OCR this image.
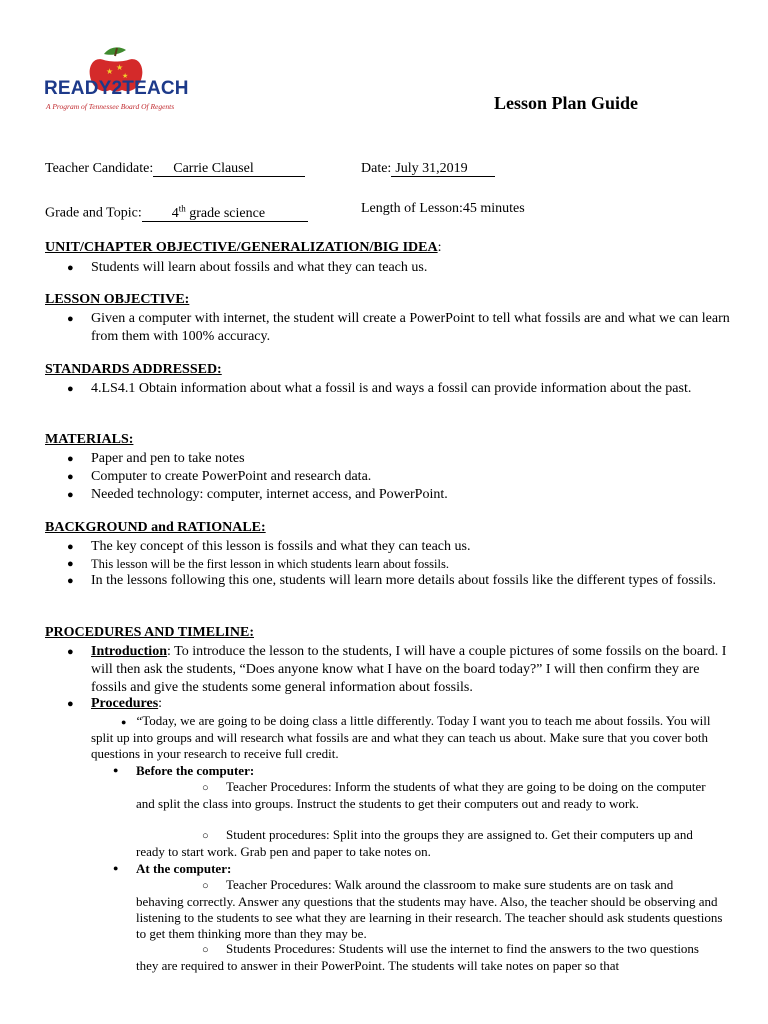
★ ★
★
READY2TEACH
A Program of Tennessee Board Of Regents	Lesson Plan Guide
Teacher Candidate: Carrie Clausel	Date: July 31,2019
Grade and Topic: 4th grade science	Length of Lesson:45 minutes
UNIT/CHAPTER OBJECTIVE/GENERALIZATION/BIG IDEA:
● Students will learn about fossils and what they can teach us.
LESSON OBJECTIVE:
● Given a computer with internet, the student will create a PowerPoint to tell what fossils are and what we can learn from them with 100% accuracy.
STANDARDS ADDRESSED:
● 4.LS4.1 Obtain information about what a fossil is and ways a fossil can provide information about the past.
MATERIALS:
● Paper and pen to take notes
● Computer to create PowerPoint and research data.
● Needed technology: computer, internet access, and PowerPoint.
BACKGROUND and RATIONALE:
● The key concept of this lesson is fossils and what they can teach us.
● This lesson will be the first lesson in which students learn about fossils.
● In the lessons following this one, students will learn more details about fossils like the different types of fossils.
PROCEDURES AND TIMELINE:
● Introduction: To introduce the lesson to the students, I will have a couple pictures of some fossils on the board. I will then ask the students, “Does anyone know what I have on the board today?” I will then confirm they are fossils and give the students some general information about fossils.
● Procedures:
● “Today, we are going to be doing class a little differently. Today I want you to teach me about fossils. You will split up into groups and will research what fossils are and what they can teach us about. Make sure that you cover both questions in your research to receive full credit.
● Before the computer:
○ Teacher Procedures: Inform the students of what they are going to be doing on the computer and split the class into groups. Instruct the students to get their computers out and ready to work.
○ Student procedures: Split into the groups they are assigned to. Get their computers up and ready to start work. Grab pen and paper to take notes on.
● At the computer:
○ Teacher Procedures: Walk around the classroom to make sure students are on task and behaving correctly. Answer any questions that the students may have. Also, the teacher should be observing and listening to the students to see what they are learning in their research. The teacher should ask students questions to get them thinking more than they may be.
○ Students Procedures: Students will use the internet to find the answers to the two questions they are required to answer in their PowerPoint. The students will take notes on paper so that
